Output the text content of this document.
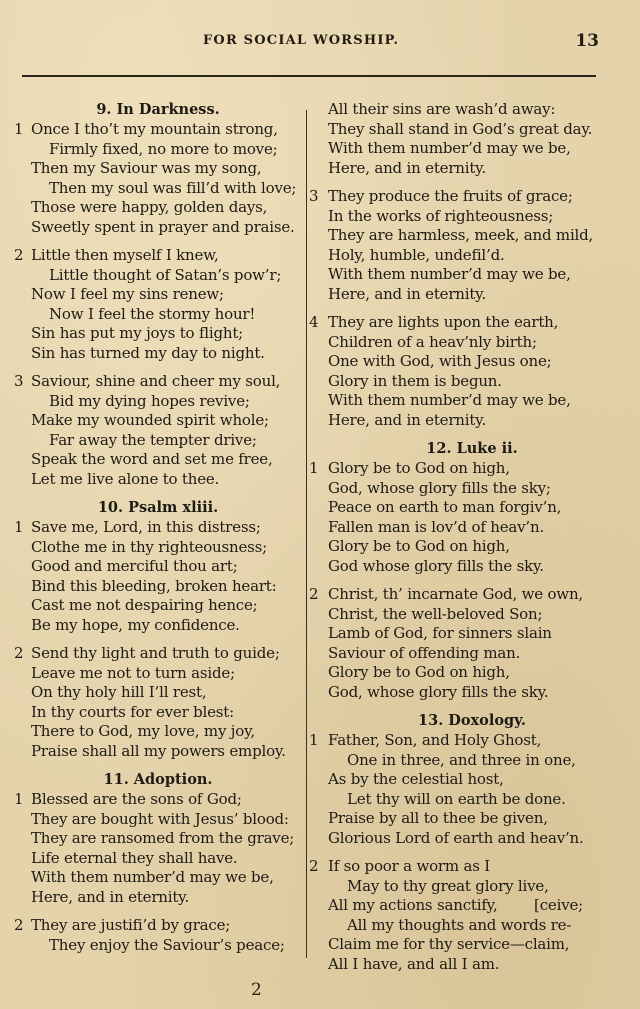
FOR SOCIAL WORSHIP.	13
9. In Darkness.
1 Once I tho’t my mountain strong,
Firmly fixed, no more to move;
Then my Saviour was my song,
Then my soul was fill’d with love;
Those were happy, golden days,
Sweetly spent in prayer and praise.
2 Little then myself I knew,
Little thought of Satan’s pow’r;
Now I feel my sins renew;
Now I feel the stormy hour!
Sin has put my joys to flight;
Sin has turned my day to night.
3 Saviour, shine and cheer my soul,
Bid my dying hopes revive;
Make my wounded spirit whole;
Far away the tempter drive;
Speak the word and set me free,
Let me live alone to thee.
10. Psalm xliii.
1 Save me, Lord, in this distress;
Clothe me in thy righteousness;
Good and merciful thou art;
Bind this bleeding, broken heart:
Cast me not despairing hence;
Be my hope, my confidence.
2 Send thy light and truth to guide;
Leave me not to turn aside;
On thy holy hill I’ll rest,
In thy courts for ever blest:
There to God, my love, my joy,
Praise shall all my powers employ.
11. Adoption.
1 Blessed are the sons of God;
They are bought with Jesus’ blood:
They are ransomed from the grave;
Life eternal they shall have.
With them number’d may we be,
Here, and in eternity.
2 They are justifi’d by grace;
They enjoy the Saviour’s peace;
All their sins are wash’d away:
They shall stand in God’s great day.
With them number’d may we be,
Here, and in eternity.
3 They produce the fruits of grace;
In the works of righteousness;
They are harmless, meek, and mild,
Holy, humble, undefil’d.
With them number’d may we be,
Here, and in eternity.
4 They are lights upon the earth,
Children of a heav’nly birth;
One with God, with Jesus one;
Glory in them is begun.
With them number’d may we be,
Here, and in eternity.
12. Luke ii.
1 Glory be to God on high,
God, whose glory fills the sky;
Peace on earth to man forgiv’n,
Fallen man is lov’d of heav’n.
Glory be to God on high,
God whose glory fills the sky.
2 Christ, th’ incarnate God, we own,
Christ, the well-beloved Son;
Lamb of God, for sinners slain
Saviour of offending man.
Glory be to God on high,
God, whose glory fills the sky.
13. Doxology.
1 Father, Son, and Holy Ghost,
One in three, and three in one,
As by the celestial host,
Let thy will on earth be done.
Praise by all to thee be given,
Glorious Lord of earth and heav’n.
2 If so poor a worm as I
May to thy great glory live,
All my actions sanctify,        [ceive;
All my thoughts and words re-
Claim me for thy service—claim,
All I have, and all I am.
2
